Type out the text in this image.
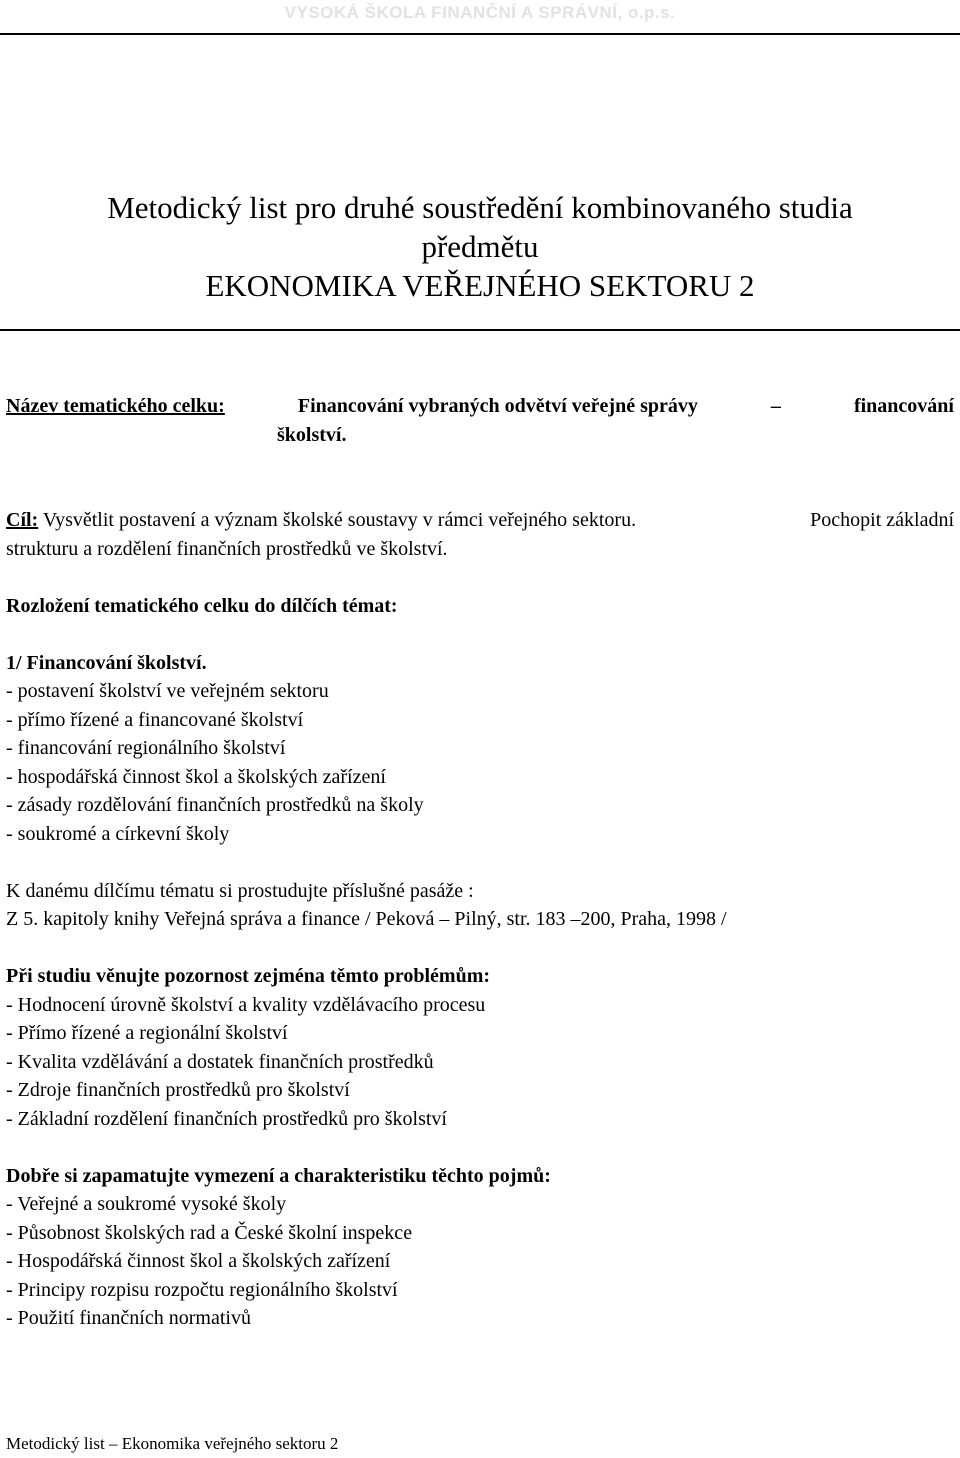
VYSOKÁ ŠKOLA FINANČNÍ A SPRÁVNÍ, o.p.s.
Metodický list pro druhé soustředění kombinovaného studia
předmětu
EKONOMIKA VEŘEJNÉHO SEKTORU 2
Název tematického celku:	Financování vybraných odvětví veřejné správy	–	financování
školství.
Cíl: Vysvětlit postavení a význam školské soustavy v rámci veřejného sektoru.	Pochopit základní
strukturu a rozdělení finančních prostředků ve školství.
Rozložení tematického celku do dílčích témat:
1/ Financování školství.
- postavení školství ve veřejném sektoru
- přímo řízené a financované školství
- financování regionálního školství
- hospodářská činnost škol a školských zařízení
- zásady rozdělování finančních prostředků na školy
- soukromé a církevní školy
K danému dílčímu tématu si prostudujte příslušné pasáže :
Z 5. kapitoly knihy Veřejná správa a finance / Peková – Pilný, str. 183 –200, Praha, 1998 /
Při studiu věnujte pozornost zejména těmto problémům:
- Hodnocení úrovně školství a kvality vzdělávacího procesu
- Přímo řízené a regionální školství
- Kvalita vzdělávání a dostatek finančních prostředků
- Zdroje finančních prostředků pro školství
- Základní rozdělení finančních prostředků pro školství
Dobře si zapamatujte vymezení a charakteristiku těchto pojmů:
- Veřejné a soukromé vysoké školy
- Působnost školských rad a České školní inspekce
- Hospodářská činnost škol a školských zařízení
- Principy rozpisu rozpočtu regionálního školství
- Použití finančních normativů
Metodický list – Ekonomika veřejného sektoru 2
